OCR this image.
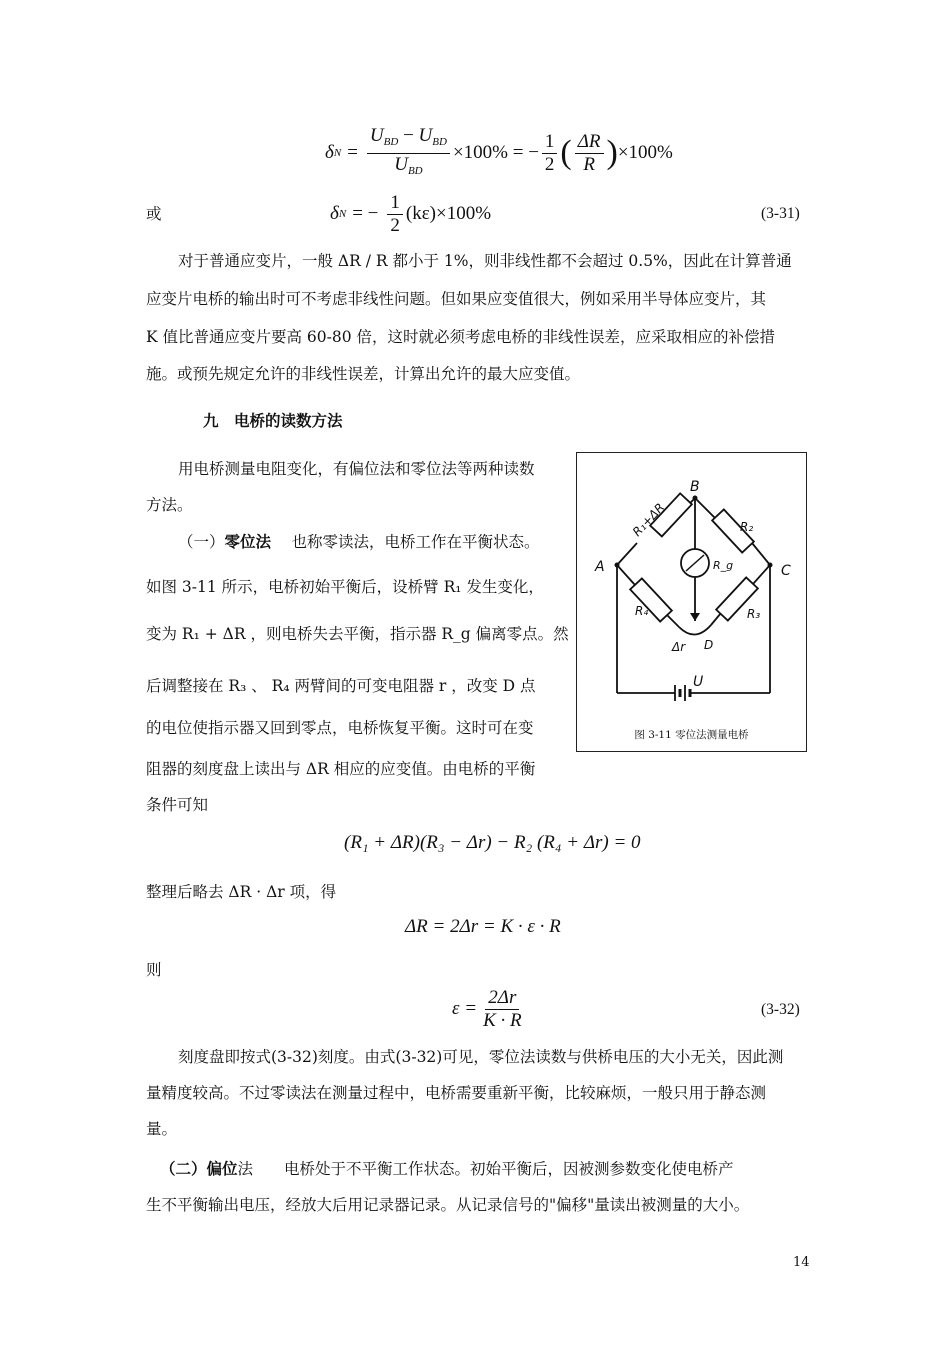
δ $N = \frac{U_{BD} - U_{BD}}{U_{BD}} \times 100\%$ = − $\frac{1}{2}$ ( $\frac{\Delta R}{R}$ ) ×100%
或	δ N = − $\frac{1}{2} (k\varepsilon)\times 100\%$	(3-31)
对于普通应变片，一般 ΔR / R 都小于 1%，则非线性都不会超过 0.5%，因此在计算普通
应变片电桥的输出时可不考虑非线性问题。但如果应变值很大，例如采用半导体应变片，其
K 值比普通应变片要高 60-80 倍，这时就必须考虑电桥的非线性误差，应采取相应的补偿措
施。或预先规定允许的非线性误差，计算出允许的最大应变值。
九　电桥的读数方法
用电桥测量电阻变化，有偏位法和零位法等两种读数
方法。
（一）零位法　 也称零读法，电桥工作在平衡状态。
如图 3-11 所示，电桥初始平衡后，设桥臂 R₁ 发生变化，
变为 R₁ + ΔR ，则电桥失去平衡，指示器 R_g 偏离零点。然
后调整接在 R₃ 、 R₄ 两臂间的可变电阻器 r ，改变 D 点
的电位使指示器又回到零点，电桥恢复平衡。这时可在变
阻器的刻度盘上读出与 ΔR 相应的应变值。由电桥的平衡
条件可知
B
A	C
D
R₁+ΔR	R₂
R₃
R₄
R_g
Δr
U
图 3-11 零位法测量电桥
(R₁ + ΔR)(R₃ − Δr) − R₂ (R₄ + Δr) = 0
整理后略去 ΔR · Δr 项，得
ΔR = 2Δr = K · ε · R
则
$\varepsilon = \frac{2\Delta r}{K \cdot R}$	(3-32)
刻度盘即按式(3-32)刻度。由式(3-32)可见，零位法读数与供桥电压的大小无关，因此测
量精度较高。不过零读法在测量过程中，电桥需要重新平衡，比较麻烦，一般只用于静态测
量。
（二）偏位法　　电桥处于不平衡工作状态。初始平衡后，因被测参数变化使电桥产
生不平衡输出电压，经放大后用记录器记录。从记录信号的"偏移"量读出被测量的大小。
14
